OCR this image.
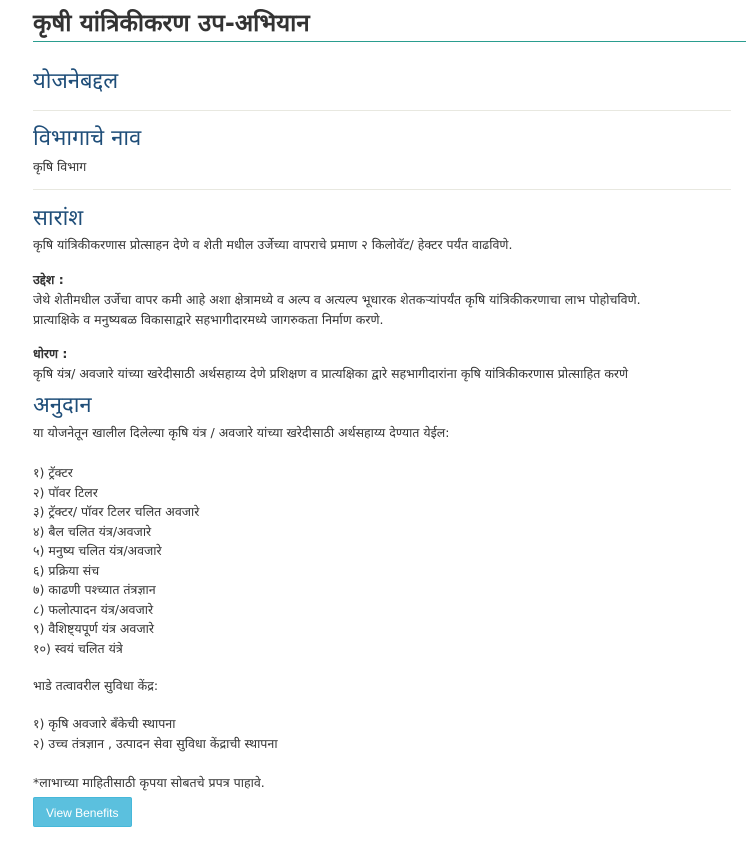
कृषी यांत्रिकीकरण उप-अभियान
योजनेबद्दल
विभागाचे नाव

कृषि विभाग

सारांश

कृषि यांत्रिकीकरणास प्रोत्साहन देणे व शेती मधील उर्जेच्या वापराचे प्रमाण २ किलोवॅट/ हेक्टर पर्यंत वाढविणे.

उद्देश :

जेथे शेतीमधील उर्जेचा वापर कमी आहे अशा क्षेत्रामध्ये व अल्प व अत्यल्प भूधारक शेतकऱ्यांपर्यंत कृषि यांत्रिकीकरणाचा लाभ पोहोचविणे.

प्रात्याक्षिके व मनुष्यबळ विकासाद्वारे सहभागीदारमध्ये जागरुकता निर्माण करणे.

धोरण :

कृषि यंत्र/ अवजारे यांच्या खरेदीसाठी अर्थसहाय्य देणे प्रशिक्षण व प्रात्यक्षिका द्वारे सहभागीदारांना कृषि यांत्रिकीकरणास प्रोत्साहित करणे

अनुदान

या योजनेतून खालील दिलेल्या कृषि यंत्र / अवजारे यांच्या खरेदीसाठी अर्थसहाय्य देण्यात येईल:

१) ट्रॅक्टर
२) पॉवर टिलर
३) ट्रॅक्टर/ पॉवर टिलर चलित अवजारे
४) बैल चलित यंत्र/अवजारे
५) मनुष्य चलित यंत्र/अवजारे
६) प्रक्रिया संच
७) काढणी पश्च्यात तंत्रज्ञान
८) फलोत्पादन यंत्र/अवजारे
९) वैशिष्ट्यपूर्ण यंत्र अवजारे
१०) स्वयं चलित यंत्रे

भाडे तत्वावरील सुविधा केंद्र:

१) कृषि अवजारे बँकेची स्थापना
२) उच्च तंत्रज्ञान , उत्पादन सेवा सुविधा केंद्राची स्थापना

*लाभाच्या माहितीसाठी कृपया सोबतचे प्रपत्र पाहावे.

View Benefits
